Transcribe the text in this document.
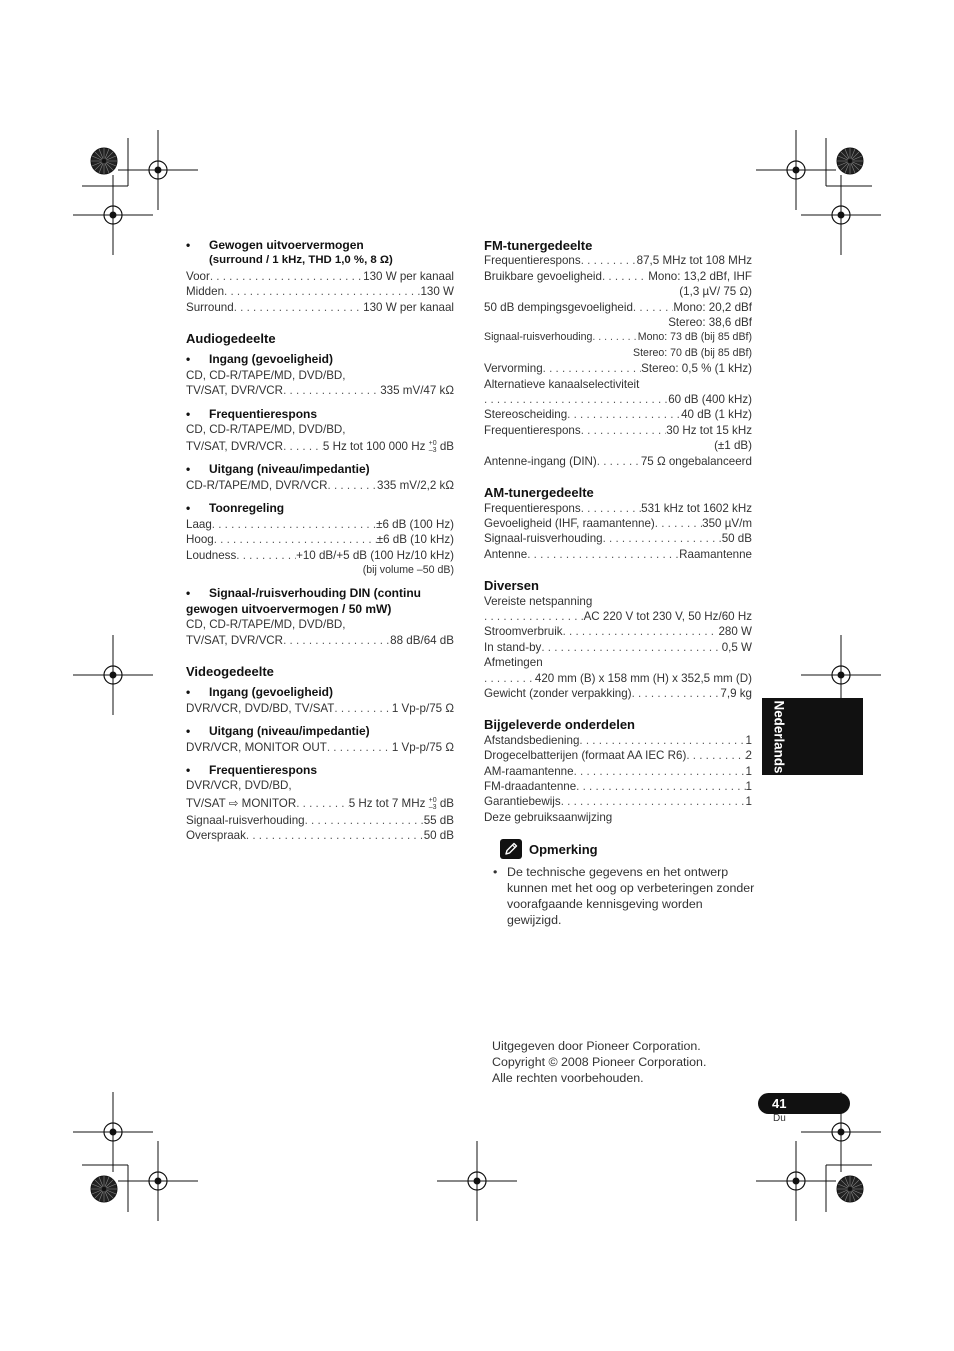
• Gewogen uitvoervermogen
(surround / 1 kHz, THD 1,0 %, 8 Ω)
Voor . . .	130 W per kanaal
Midden . . .	130 W
Surround . . .	130 W per kanaal
Audiogedeelte
• Ingang (gevoeligheid)
CD, CD-R/TAPE/MD, DVD/BD,
TV/SAT, DVR/VCR . . .	335 mV/47 kΩ
• Frequentierespons
CD, CD-R/TAPE/MD, DVD/BD,
TV/SAT, DVR/VCR . . .	5 Hz tot 100 000 Hz +0
–3 dB
• Uitgang (niveau/impedantie)
CD-R/TAPE/MD, DVR/VCR . . .	335 mV/2,2 kΩ
• Toonregeling
Laag . . .	±6 dB (100 Hz)
Hoog . . .	±6 dB (10 kHz)
Loudness . . .	+10 dB/+5 dB (100 Hz/10 kHz)
(bij volume –50 dB)
• Signaal-/ruisverhouding DIN (continu
gewogen uitvoervermogen / 50 mW)
CD, CD-R/TAPE/MD, DVD/BD,
TV/SAT, DVR/VCR . . .	88 dB/64 dB
Videogedeelte
• Ingang (gevoeligheid)
DVR/VCR, DVD/BD, TV/SAT . . .	1 Vp-p/75 Ω
• Uitgang (niveau/impedantie)
DVR/VCR, MONITOR OUT . . .	1 Vp-p/75 Ω
• Frequentierespons
DVR/VCR, DVD/BD,
TV/SAT ⇨ MONITOR . . .	5 Hz tot 7 MHz +0
–3 dB
Signaal-ruisverhouding . . .	55 dB
Overspraak . . .	50 dB
FM-tunergedeelte
Frequentierespons . . .	87,5 MHz tot 108 MHz
Bruikbare gevoeligheid . . .	Mono: 13,2 dBf, IHF
(1,3 µV/ 75 Ω)
50 dB dempingsgevoeligheid . . .	Mono: 20,2 dBf
Stereo: 38,6 dBf
Signaal-ruisverhouding . . .	Mono: 73 dB (bij 85 dBf)
Stereo: 70 dB (bij 85 dBf)
Vervorming . . .	Stereo: 0,5 % (1 kHz)
Alternatieve kanaalselectiviteit
. . .
60 dB (400 kHz)
Stereoscheiding . . .	40 dB (1 kHz)
Frequentierespons . . .	30 Hz tot 15 kHz
(±1 dB)
Antenne-ingang (DIN) . . .	75 Ω ongebalanceerd
AM-tunergedeelte
Frequentierespons . . .	531 kHz tot 1602 kHz
Gevoeligheid (IHF, raamantenne) . . .	350 µV/m
Signaal-ruisverhouding . . .	50 dB
Antenne . . .	Raamantenne
Diversen
Vereiste netspanning
. . .
AC 220 V tot 230 V, 50 Hz/60 Hz
Stroomverbruik . . .	280 W
In stand-by . . .	0,5 W
Afmetingen
. . .
420 mm (B) x 158 mm (H) x 352,5 mm (D)
Gewicht (zonder verpakking) . . .	7,9 kg
Bijgeleverde onderdelen
Afstandsbediening . . .	1
Drogecelbatterijen (formaat AA IEC R6) . . .	2
AM-raamantenne . . .	1
FM-draadantenne . . .	1
Garantiebewijs . . .	1
Deze gebruiksaanwijzing
Opmerking
• De technische gegevens en het ontwerp kunnen met het oog op verbeteringen zonder voorafgaande kennisgeving worden gewijzigd.
Uitgegeven door Pioneer Corporation.
Copyright © 2008 Pioneer Corporation.
Alle rechten voorbehouden.
Nederlands
41
Du
